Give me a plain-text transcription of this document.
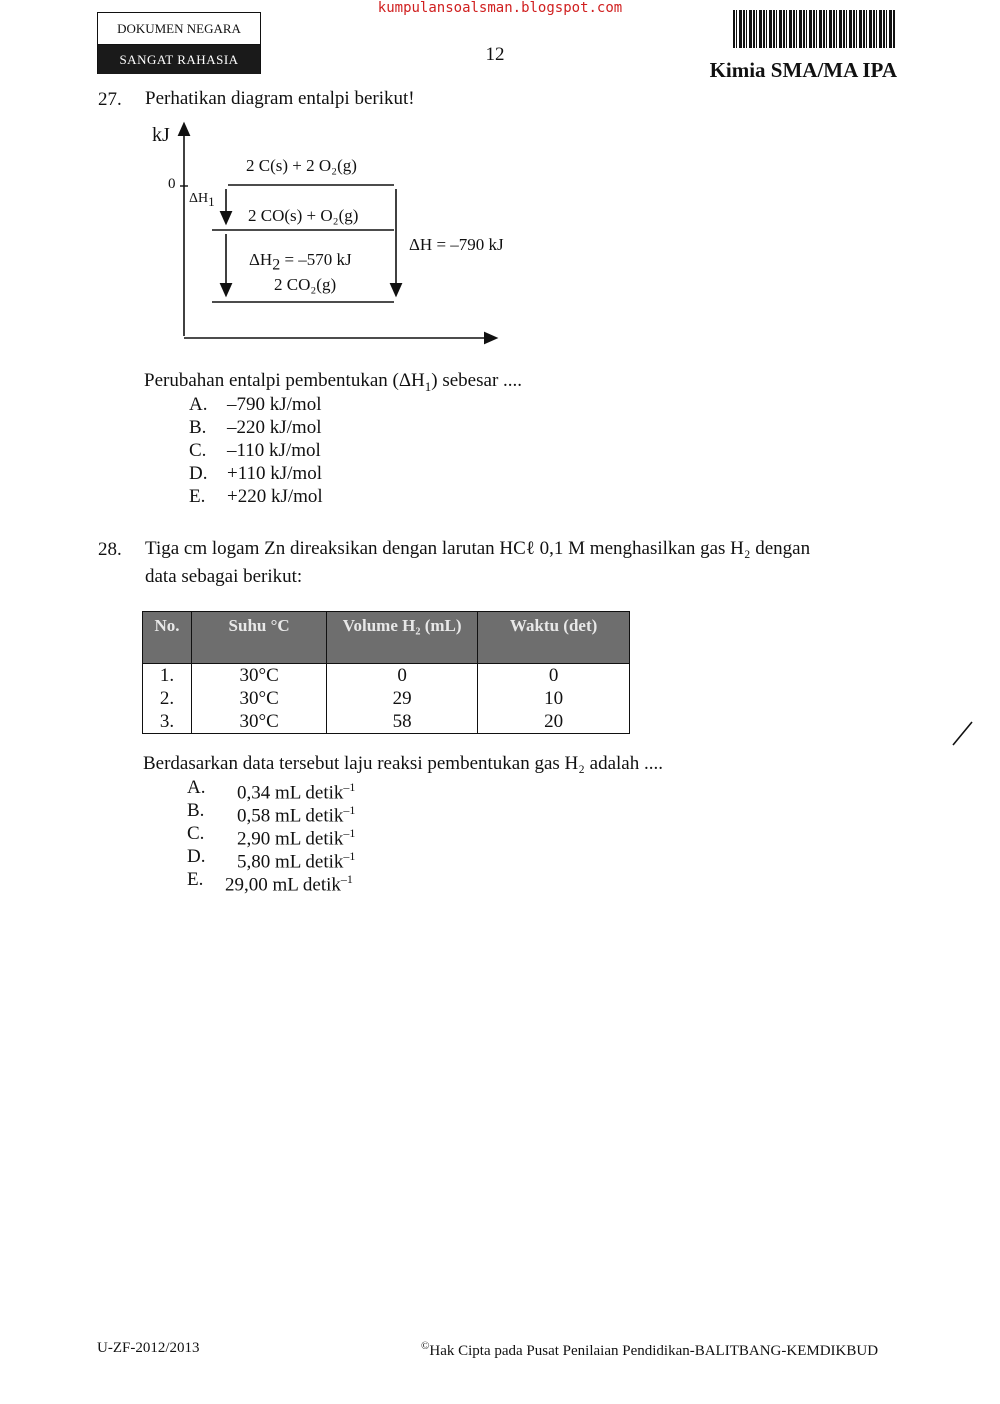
kumpulansoalsman.blogspot.com
DOKUMEN NEGARA
SANGAT RAHASIA	12
Kimia SMA/MA IPA
27. Perhatikan diagram entalpi berikut!
kJ
0
2 C(s) + 2 O₂(g)
2 CO(s) + O₂(g)
2 CO₂(g)
$\Delta H_1$
$\Delta H_2 = -570$ kJ
ΔH = –790 kJ
Perubahan entalpi pembentukan $(\Delta H_1)$ sebesar ....
A. –790 kJ/mol
B. –220 kJ/mol
C. –110 kJ/mol
D. +110 kJ/mol
E. +220 kJ/mol
28. Tiga cm logam Zn direaksikan dengan larutan HCℓ 0,1 M menghasilkan gas H₂ dengan
data sebagai berikut:
No.	Suhu °C	Volume H₂ (mL)	Waktu (det)
1.	30°C	0	0
2.	30°C	29	10
3.	30°C	58	20
Berdasarkan data tersebut laju reaksi pembentukan gas H₂ adalah ....
A. 0,34 mL detik$^{-1}$
B. 0,58 mL detik$^{-1}$
C. 2,90 mL detik$^{-1}$
D. 5,80 mL detik$^{-1}$
E. 29,00 mL detik$^{-1}$
U-ZF-2012/2013	©Hak Cipta pada Pusat Penilaian Pendidikan-BALITBANG-KEMDIKBUD
